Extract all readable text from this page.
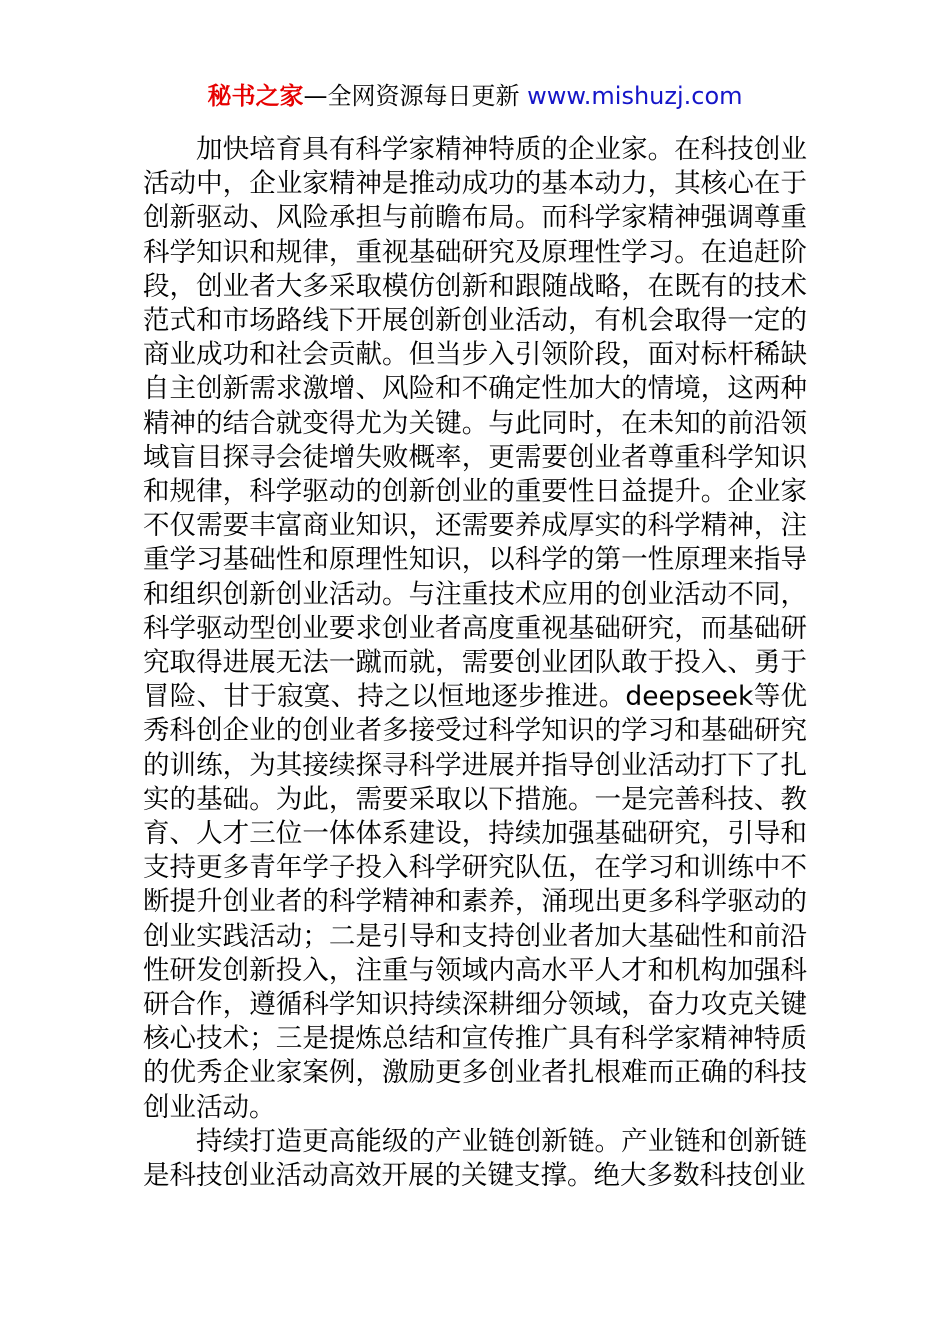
秘书之家—全网资源每日更新 www.mishuzj.com

加快培育具有科学家精神特质的企业家。在科技创业活动中，企业家精神是推动成功的基本动力，其核心在于创新驱动、风险承担与前瞻布局。而科学家精神强调尊重科学知识和规律，重视基础研究及原理性学习。在追赶阶段，创业者大多采取模仿创新和跟随战略，在既有的技术范式和市场路线下开展创新创业活动，有机会取得一定的商业成功和社会贡献。但当步入引领阶段，面对标杆稀缺自主创新需求激增、风险和不确定性加大的情境，这两种精神的结合就变得尤为关键。与此同时，在未知的前沿领域盲目探寻会徒增失败概率，更需要创业者尊重科学知识和规律，科学驱动的创新创业的重要性日益提升。企业家不仅需要丰富商业知识，还需要养成厚实的科学精神，注重学习基础性和原理性知识，以科学的第一性原理来指导和组织创新创业活动。与注重技术应用的创业活动不同，科学驱动型创业要求创业者高度重视基础研究，而基础研究取得进展无法一蹴而就，需要创业团队敢于投入、勇于冒险、甘于寂寞、持之以恒地逐步推进。deepseek等优秀科创企业的创业者多接受过科学知识的学习和基础研究的训练，为其接续探寻科学进展并指导创业活动打下了扎实的基础。为此，需要采取以下措施。一是完善科技、教育、人才三位一体体系建设，持续加强基础研究，引导和支持更多青年学子投入科学研究队伍，在学习和训练中不断提升创业者的科学精神和素养，涌现出更多科学驱动的创业实践活动；二是引导和支持创业者加大基础性和前沿性研发创新投入，注重与领域内高水平人才和机构加强科研合作，遵循科学知识持续深耕细分领域，奋力攻克关键核心技术；三是提炼总结和宣传推广具有科学家精神特质的优秀企业家案例，激励更多创业者扎根难而正确的科技创业活动。

持续打造更高能级的产业链创新链。产业链和创新链是科技创业活动高效开展的关键支撑。绝大多数科技创业
